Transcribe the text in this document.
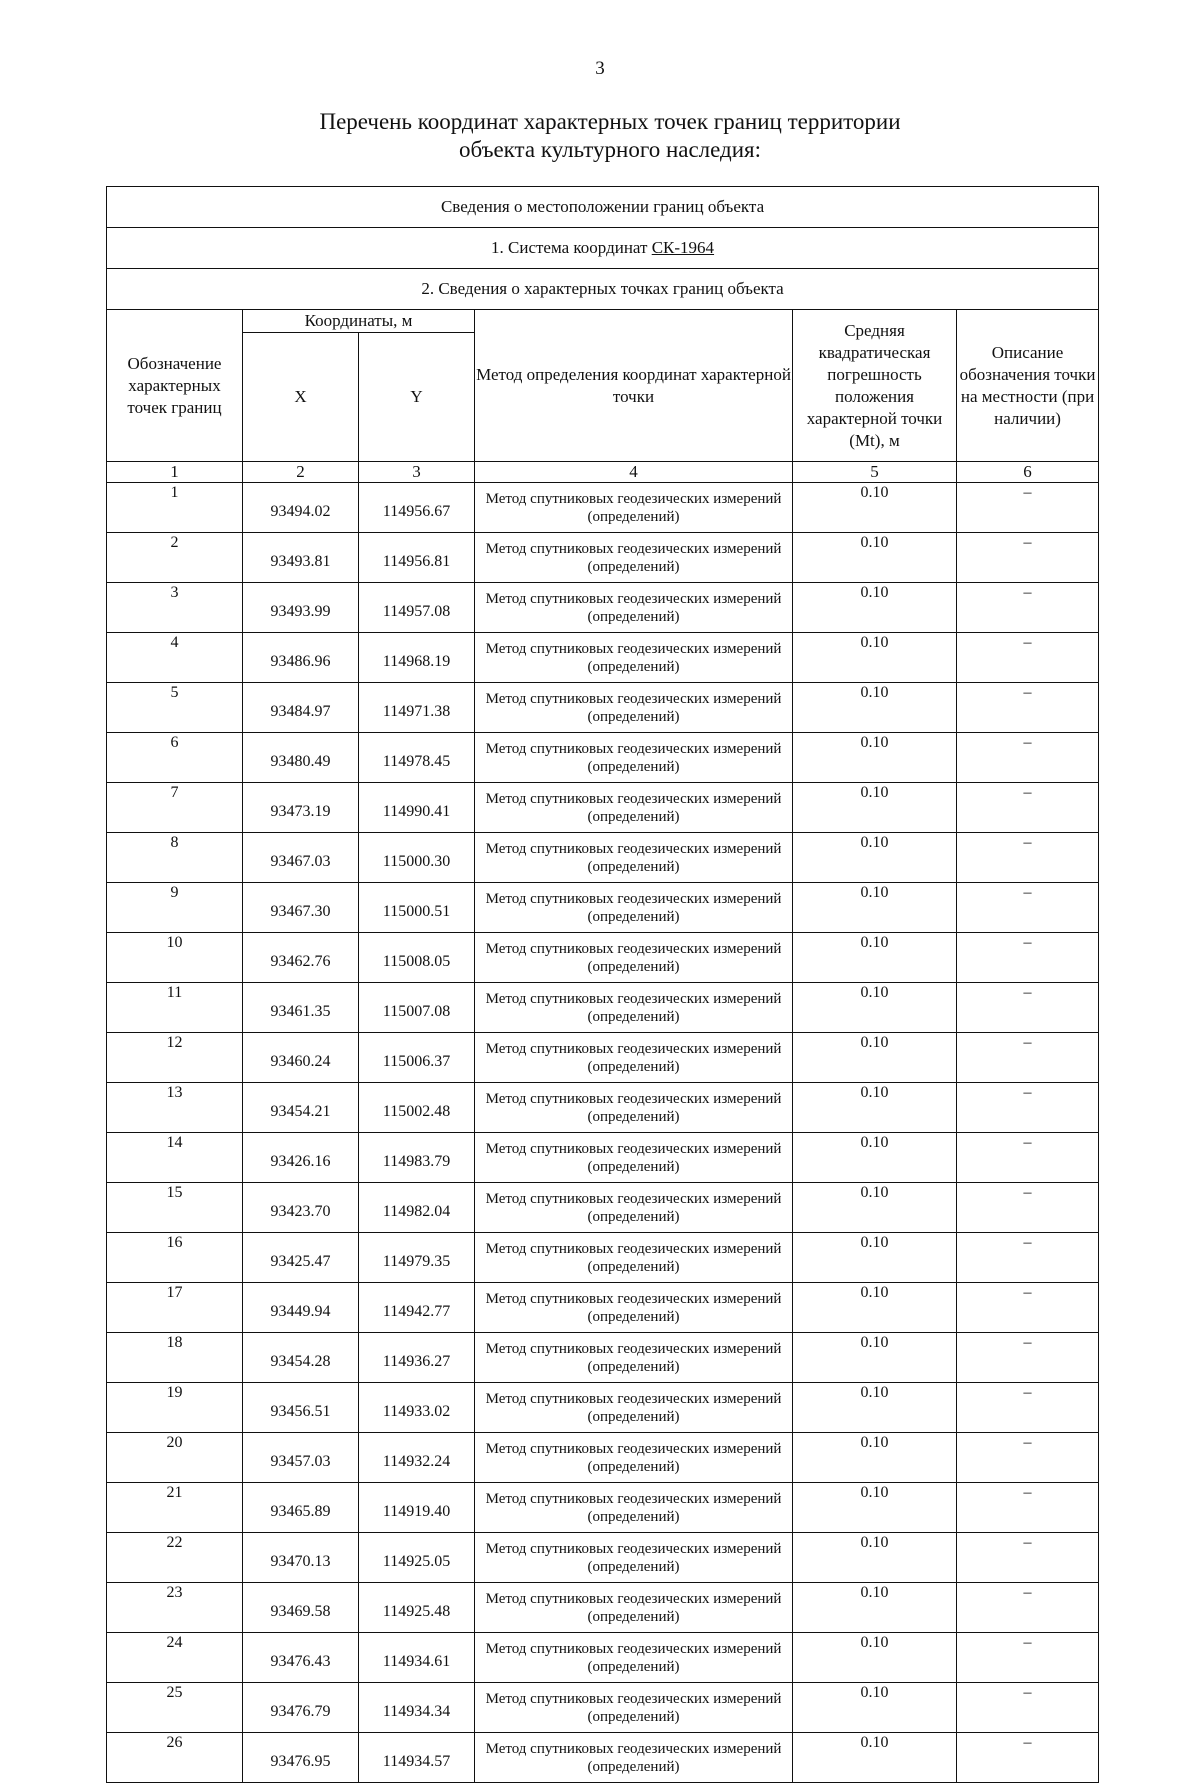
3
Перечень координат характерных точек границ территории
объекта культурного наследия:
Сведения о местоположении границ объекта					
1. Система координат СК-1964					
2. Сведения о характерных точках границ объекта					
Обозначение характерных точек границ	Координаты, м		Метод определения координат характерной точки	Средняя квадратическая погрешность положения характерной точки (Mt), м	Описание обозначения точки на местности (при наличии)
	X	Y			
1	2	3	4	5	6
1	93494.02	114956.67	Метод спутниковых геодезических измерений (определений)	0.10	–
2	93493.81	114956.81	Метод спутниковых геодезических измерений (определений)	0.10	–
3	93493.99	114957.08	Метод спутниковых геодезических измерений (определений)	0.10	–
4	93486.96	114968.19	Метод спутниковых геодезических измерений (определений)	0.10	–
5	93484.97	114971.38	Метод спутниковых геодезических измерений (определений)	0.10	–
6	93480.49	114978.45	Метод спутниковых геодезических измерений (определений)	0.10	–
7	93473.19	114990.41	Метод спутниковых геодезических измерений (определений)	0.10	–
8	93467.03	115000.30	Метод спутниковых геодезических измерений (определений)	0.10	–
9	93467.30	115000.51	Метод спутниковых геодезических измерений (определений)	0.10	–
10	93462.76	115008.05	Метод спутниковых геодезических измерений (определений)	0.10	–
11	93461.35	115007.08	Метод спутниковых геодезических измерений (определений)	0.10	–
12	93460.24	115006.37	Метод спутниковых геодезических измерений (определений)	0.10	–
13	93454.21	115002.48	Метод спутниковых геодезических измерений (определений)	0.10	–
14	93426.16	114983.79	Метод спутниковых геодезических измерений (определений)	0.10	–
15	93423.70	114982.04	Метод спутниковых геодезических измерений (определений)	0.10	–
16	93425.47	114979.35	Метод спутниковых геодезических измерений (определений)	0.10	–
17	93449.94	114942.77	Метод спутниковых геодезических измерений (определений)	0.10	–
18	93454.28	114936.27	Метод спутниковых геодезических измерений (определений)	0.10	–
19	93456.51	114933.02	Метод спутниковых геодезических измерений (определений)	0.10	–
20	93457.03	114932.24	Метод спутниковых геодезических измерений (определений)	0.10	–
21	93465.89	114919.40	Метод спутниковых геодезических измерений (определений)	0.10	–
22	93470.13	114925.05	Метод спутниковых геодезических измерений (определений)	0.10	–
23	93469.58	114925.48	Метод спутниковых геодезических измерений (определений)	0.10	–
24	93476.43	114934.61	Метод спутниковых геодезических измерений (определений)	0.10	–
25	93476.79	114934.34	Метод спутниковых геодезических измерений (определений)	0.10	–
26	93476.95	114934.57	Метод спутниковых геодезических измерений (определений)	0.10	–
